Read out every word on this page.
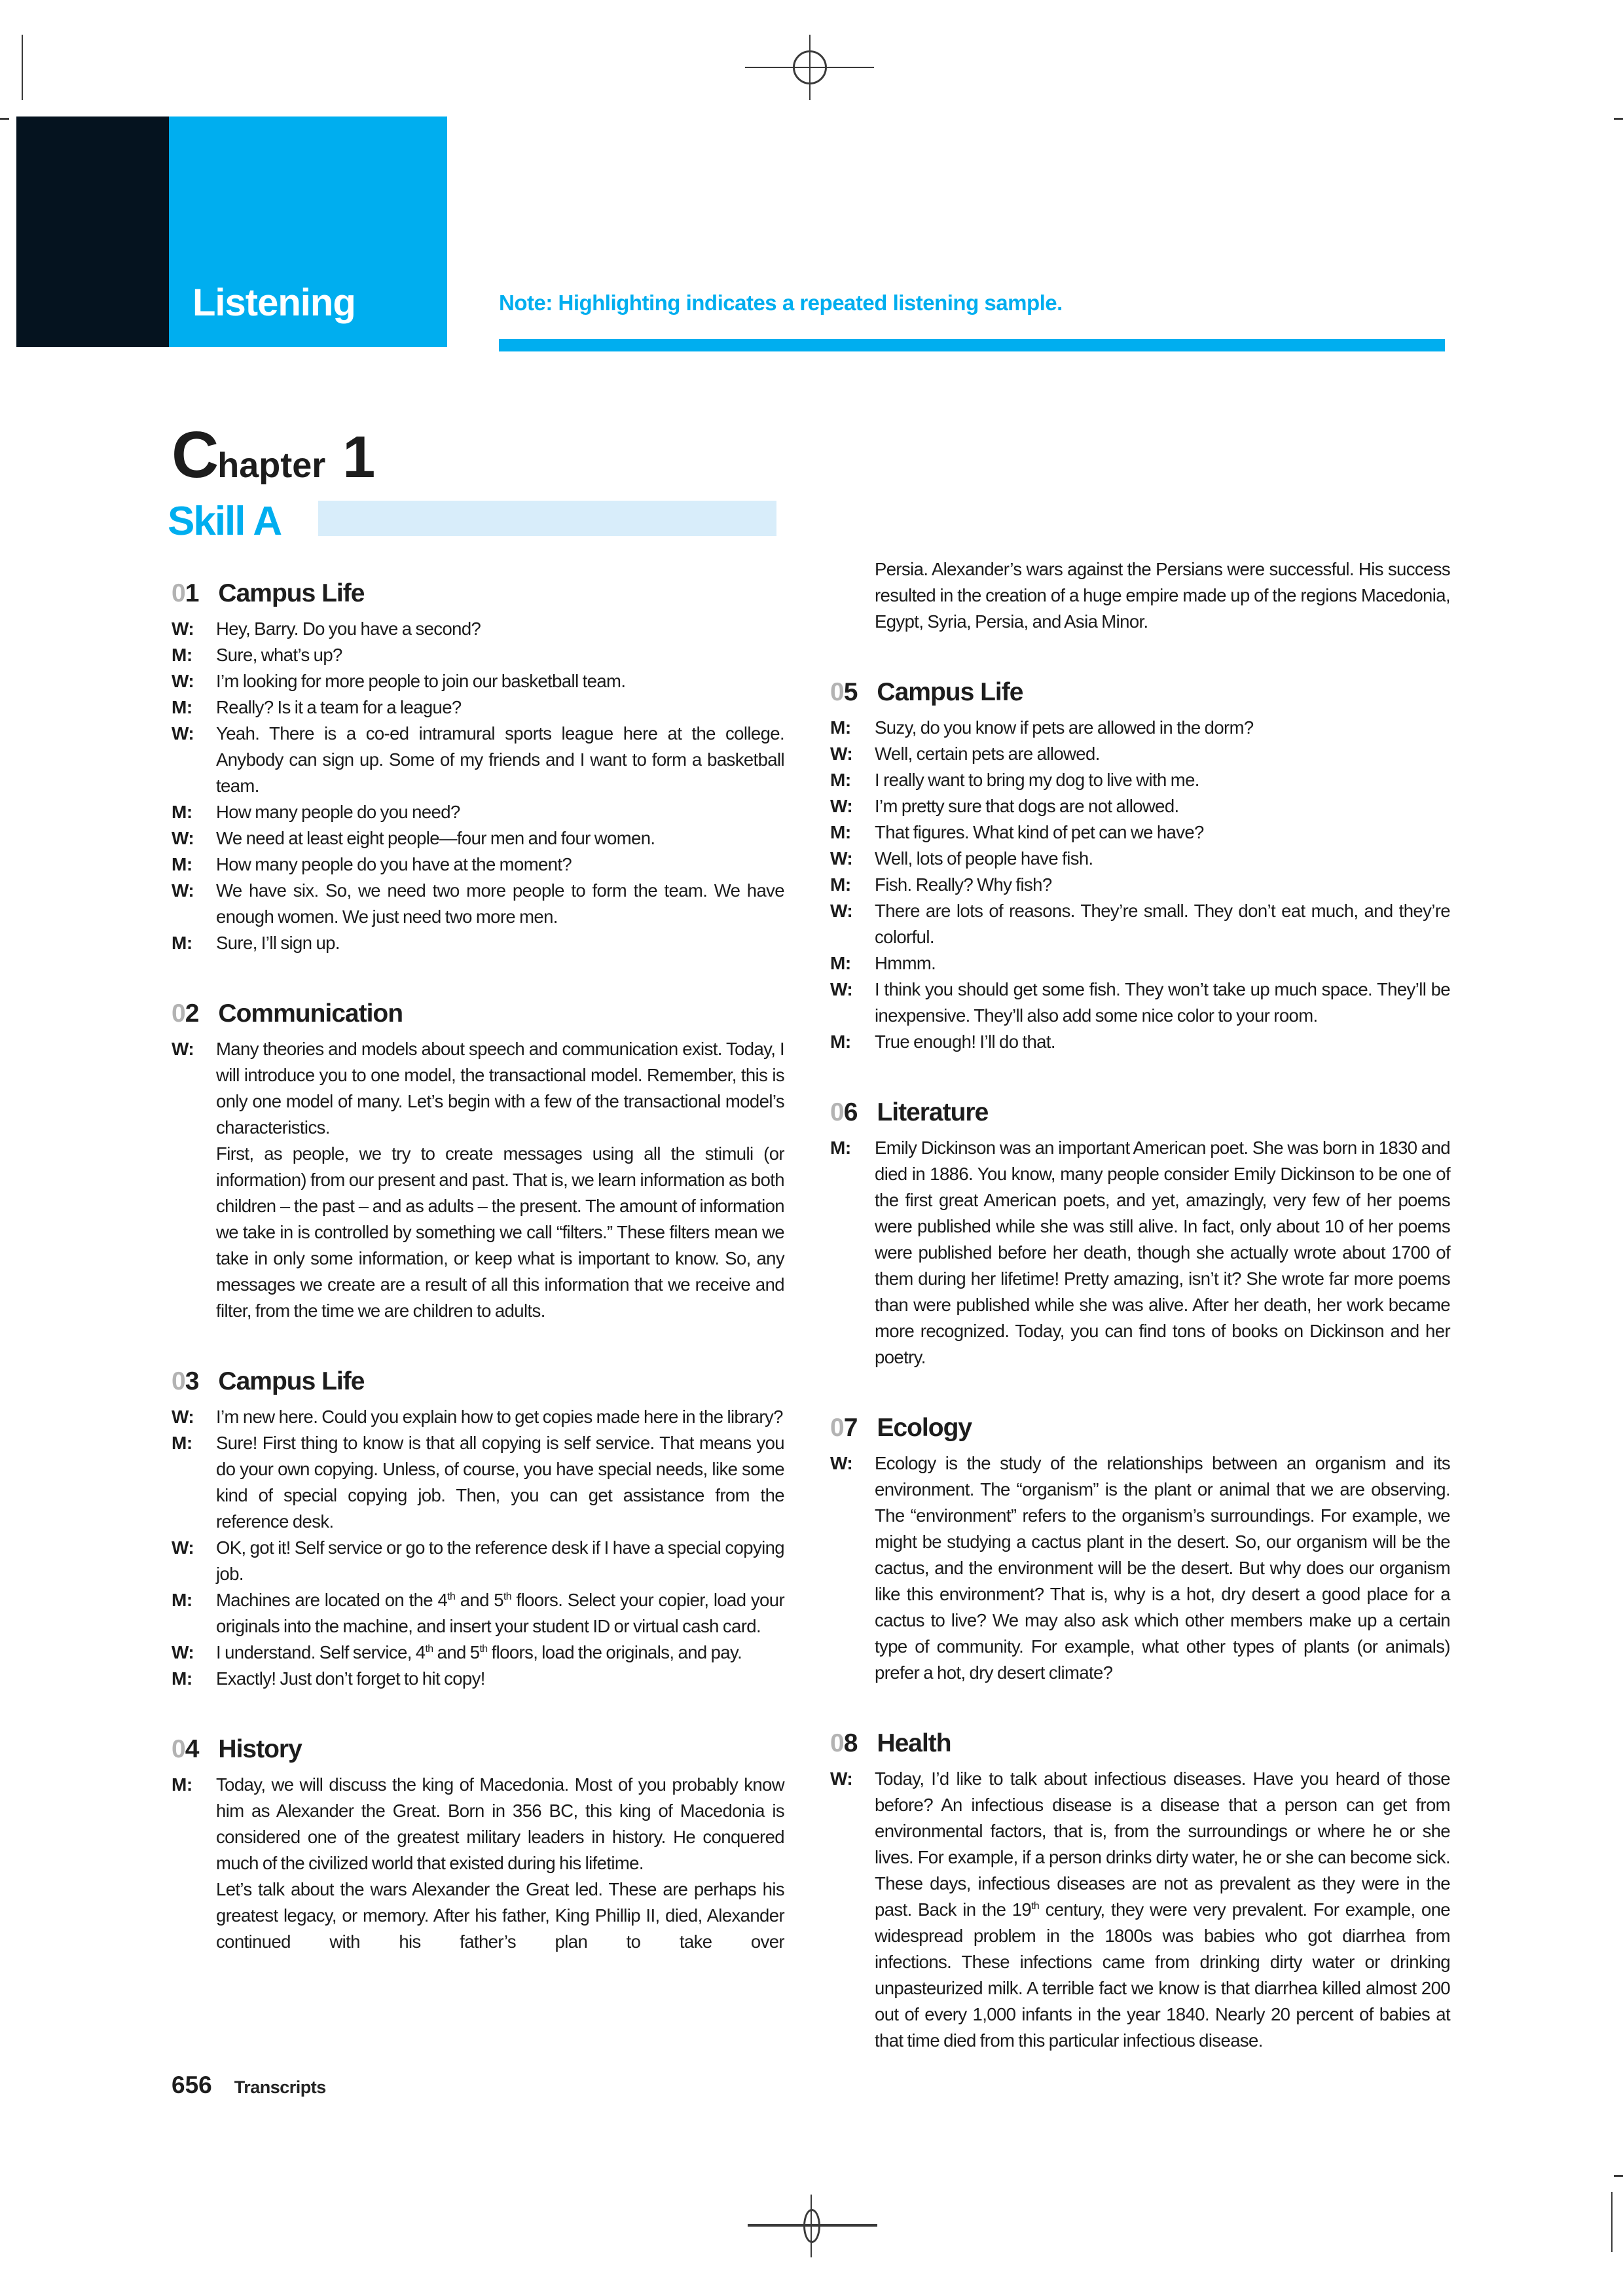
Listening	Note: Highlighting indicates a repeated listening sample.
C hapter 1
Skill A
01 Campus Life
W: Hey, Barry. Do you have a second?

M: Sure, what’s up?

W: I’m looking for more people to join our basketball team.

M: Really? Is it a team for a league?

W: Yeah. There is a co-ed intramural sports league here at the college. Anybody can sign up. Some of my friends and I want to form a basketball team.

M: How many people do you need?

W: We need at least eight people—four men and four women.

M: How many people do you have at the moment?

W: We have six. So, we need two more people to form the team. We have enough women. We just need two more men.

M: Sure, I’ll sign up.

02 Communication
W: Many theories and models about speech and communication exist. Today, I will introduce you to one model, the transactional model. Remember, this is only one model of many. Let’s begin with a few of the transactional model’s characteristics.

First, as people, we try to create messages using all the stimuli (or information) from our present and past. That is, we learn information as both children – the past – and as adults – the present. The amount of information we take in is controlled by something we call “filters.” These filters mean we take in only some information, or keep what is important to know. So, any messages we create are a result of all this information that we receive and filter, from the time we are children to adults.

03 Campus Life
W: I’m new here. Could you explain how to get copies made here in the library?

M: Sure! First thing to know is that all copying is self service. That means you do your own copying. Unless, of course, you have special needs, like some kind of special copying job. Then, you can get assistance from the reference desk.

W: OK, got it! Self service or go to the reference desk if I have a special copying job.

M: Machines are located on the 4th and 5th floors. Select your copier, load your originals into the machine, and insert your student ID or virtual cash card.

W: I understand. Self service, 4th and 5th floors, load the originals, and pay.

M: Exactly! Just don’t forget to hit copy!

04 History
M: Today, we will discuss the king of Macedonia. Most of you probably know him as Alexander the Great. Born in 356 BC, this king of Macedonia is considered one of the greatest military leaders in history. He conquered much of the civilized world that existed during his lifetime.

Let’s talk about the wars Alexander the Great led. These are perhaps his greatest legacy, or memory. After his father, King Phillip II, died, Alexander continued with his father’s plan to take over

Persia. Alexander’s wars against the Persians were successful. His success resulted in the creation of a huge empire made up of the regions Macedonia, Egypt, Syria, Persia, and Asia Minor.

05 Campus Life
M: Suzy, do you know if pets are allowed in the dorm?

W: Well, certain pets are allowed.

M: I really want to bring my dog to live with me.

W: I’m pretty sure that dogs are not allowed.

M: That figures. What kind of pet can we have?

W: Well, lots of people have fish.

M: Fish. Really? Why fish?

W: There are lots of reasons. They’re small. They don’t eat much, and they’re colorful.

M: Hmmm.

W: I think you should get some fish. They won’t take up much space. They’ll be inexpensive. They’ll also add some nice color to your room.

M: True enough! I’ll do that.

06 Literature
M: Emily Dickinson was an important American poet. She was born in 1830 and died in 1886. You know, many people consider Emily Dickinson to be one of the first great American poets, and yet, amazingly, very few of her poems were published while she was still alive. In fact, only about 10 of her poems were published before her death, though she actually wrote about 1700 of them during her lifetime! Pretty amazing, isn’t it? She wrote far more poems than were published while she was alive. After her death, her work became more recognized. Today, you can find tons of books on Dickinson and her poetry.

07 Ecology
W: Ecology is the study of the relationships between an organism and its environment. The “organism” is the plant or animal that we are observing. The “environment” refers to the organism’s surroundings. For example, we might be studying a cactus plant in the desert. So, our organism will be the cactus, and the environment will be the desert. But why does our organism like this environment? That is, why is a hot, dry desert a good place for a cactus to live? We may also ask which other members make up a certain type of community. For example, what other types of plants (or animals) prefer a hot, dry desert climate?

08 Health
W: Today, I’d like to talk about infectious diseases. Have you heard of those before? An infectious disease is a disease that a person can get from environmental factors, that is, from the surroundings or where he or she lives. For example, if a person drinks dirty water, he or she can become sick. These days, infectious diseases are not as prevalent as they were in the past. Back in the 19th century, they were very prevalent. For example, one widespread problem in the 1800s was babies who got diarrhea from infections. These infections came from drinking dirty water or drinking unpasteurized milk. A terrible fact we know is that diarrhea killed almost 200 out of every 1,000 infants in the year 1840. Nearly 20 percent of babies at that time died from this particular infectious disease.

656 Transcripts
